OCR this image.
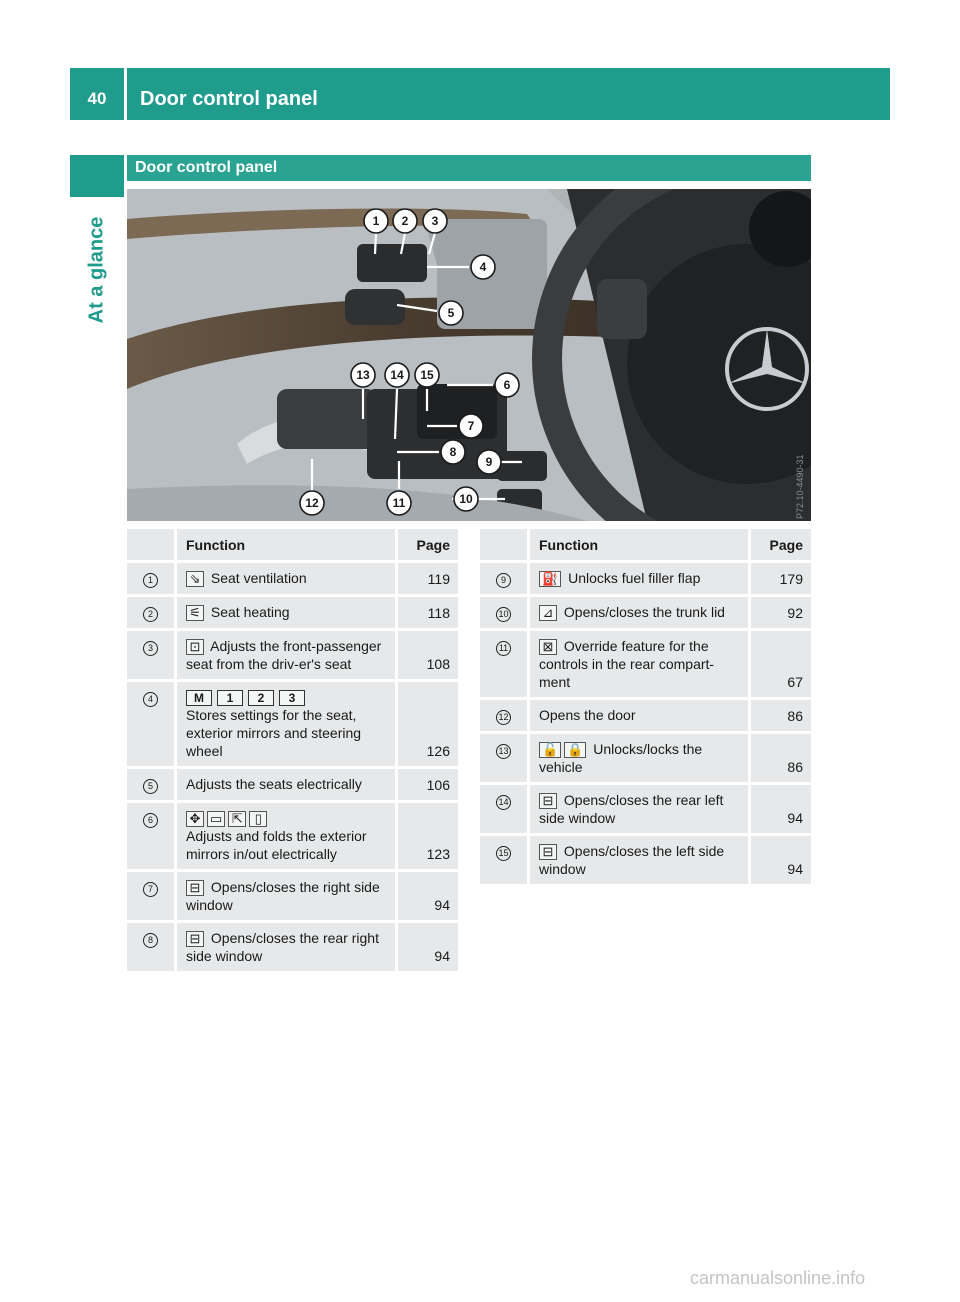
40	Door control panel
At a glance
Door control panel
1 2 3
4
5
6
7
8
9
10
11
12
13 14 15
P72.10-4490-31
	Function	Page
1	⇘ Seat ventilation	119
2	⚟ Seat heating	118
3	⊡ Adjusts the front-passenger seat from the driv-er's seat	108
4	M 1 2 3
Stores settings for the seat, exterior mirrors and steering wheel	126
5	Adjusts the seats electrically	106
6	✥ ▭ ⇱ ▯
Adjusts and folds the exterior mirrors in/out electrically	123
7	⊟ Opens/closes the right side window	94
8	⊟ Opens/closes the rear right side window	94
	Function	Page
9	⛽ Unlocks fuel filler flap	179
10	⊿ Opens/closes the trunk lid	92
11	⊠ Override feature for the controls in the rear compart-ment	67
12	Opens the door	86
13	🔓 🔒 Unlocks/locks the vehicle	86
14	⊟ Opens/closes the rear left side window	94
15	⊟ Opens/closes the left side window	94
carmanualsonline.info
